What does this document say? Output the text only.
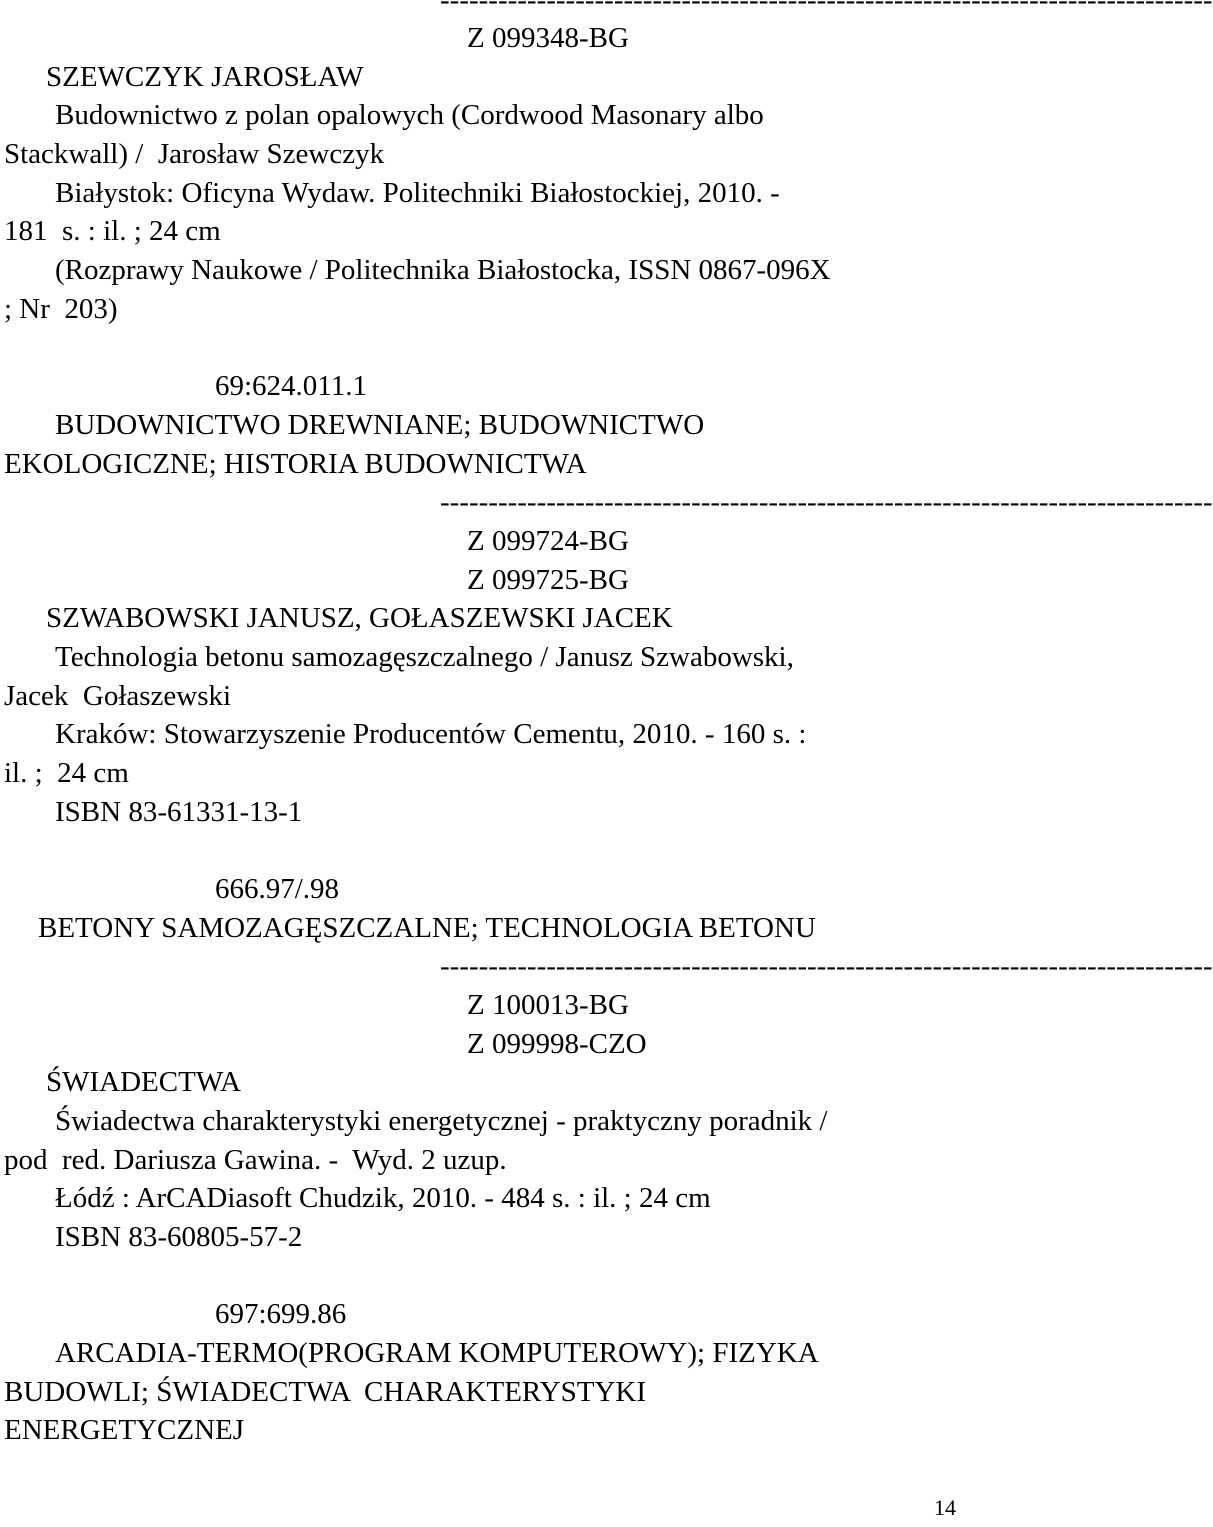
--------------------------------------------------------------------------------
Z 099348-BG
SZEWCZYK JAROSŁAW
Budownictwo z polan opalowych (Cordwood Masonary albo
Stackwall) /  Jarosław Szewczyk
Białystok: Oficyna Wydaw. Politechniki Białostockiej, 2010. -
181  s. : il. ; 24 cm
(Rozprawy Naukowe / Politechnika Białostocka, ISSN 0867-096X
; Nr  203)
69:624.011.1
BUDOWNICTWO DREWNIANE; BUDOWNICTWO
EKOLOGICZNE; HISTORIA BUDOWNICTWA
--------------------------------------------------------------------------------
Z 099724-BG
Z 099725-BG
SZWABOWSKI JANUSZ, GOŁASZEWSKI JACEK
Technologia betonu samozagęszczalnego / Janusz Szwabowski,
Jacek  Gołaszewski
Kraków: Stowarzyszenie Producentów Cementu, 2010. - 160 s. :
il. ;  24 cm
ISBN 83-61331-13-1
666.97/.98
BETONY SAMOZAGĘSZCZALNE; TECHNOLOGIA BETONU
--------------------------------------------------------------------------------
Z 100013-BG
Z 099998-CZO
ŚWIADECTWA
Świadectwa charakterystyki energetycznej - praktyczny poradnik /
pod  red. Dariusza Gawina. -  Wyd. 2 uzup.
Łódź : ArCADiasoft Chudzik, 2010. - 484 s. : il. ; 24 cm
ISBN 83-60805-57-2
697:699.86
ARCADIA-TERMO(PROGRAM KOMPUTEROWY); FIZYKA
BUDOWLI; ŚWIADECTWA  CHARAKTERYSTYKI
ENERGETYCZNEJ
14
